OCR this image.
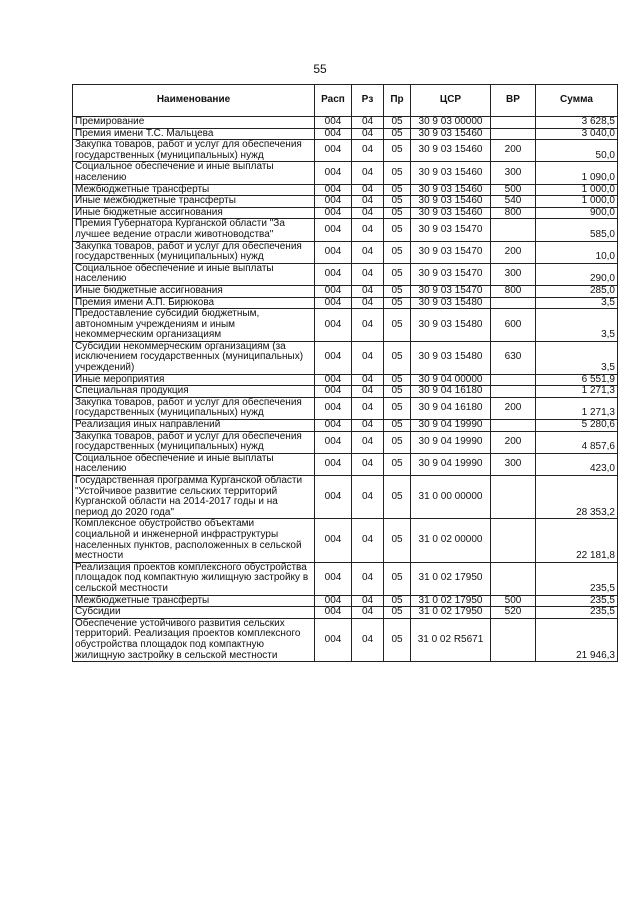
55
Наименование	Расп	Рз	Пр	ЦСР	ВР	Сумма
Премирование	004	04	05	30 9 03 00000		3 628,5
Премия имени Т.С. Мальцева	004	04	05	30 9 03 15460		3 040,0
Закупка товаров, работ и услуг для обеспечения государственных (муниципальных) нужд	004	04	05	30 9 03 15460	200	50,0
Социальное обеспечение и иные выплаты населению	004	04	05	30 9 03 15460	300	1 090,0
Межбюджетные трансферты	004	04	05	30 9 03 15460	500	1 000,0
Иные межбюджетные трансферты	004	04	05	30 9 03 15460	540	1 000,0
Иные бюджетные ассигнования	004	04	05	30 9 03 15460	800	900,0
Премия Губернатора Курганской области "За лучшее ведение отрасли животноводства"	004	04	05	30 9 03 15470		585,0
Закупка товаров, работ и услуг для обеспечения государственных (муниципальных) нужд	004	04	05	30 9 03 15470	200	10,0
Социальное обеспечение и иные выплаты населению	004	04	05	30 9 03 15470	300	290,0
Иные бюджетные ассигнования	004	04	05	30 9 03 15470	800	285,0
Премия имени А.П. Бирюкова	004	04	05	30 9 03 15480		3,5
Предоставление субсидий бюджетным, автономным учреждениям и иным некоммерческим организациям	004	04	05	30 9 03 15480	600	3,5
Субсидии некоммерческим организациям (за исключением государственных (муниципальных) учреждений)	004	04	05	30 9 03 15480	630	3,5
Иные мероприятия	004	04	05	30 9 04 00000		6 551,9
Специальная продукция	004	04	05	30 9 04 16180		1 271,3
Закупка товаров, работ и услуг для обеспечения государственных (муниципальных) нужд	004	04	05	30 9 04 16180	200	1 271,3
Реализация иных направлений	004	04	05	30 9 04 19990		5 280,6
Закупка товаров, работ и услуг для обеспечения государственных (муниципальных) нужд	004	04	05	30 9 04 19990	200	4 857,6
Социальное обеспечение и иные выплаты населению	004	04	05	30 9 04 19990	300	423,0
Государственная программа Курганской области "Устойчивое развитие сельских территорий Курганской области на 2014-2017 годы и на период до 2020 года"	004	04	05	31 0 00 00000		28 353,2
Комплексное обустройство объектами социальной и инженерной инфраструктуры населенных пунктов, расположенных в сельской местности	004	04	05	31 0 02 00000		22 181,8
Реализация проектов комплексного обустройства площадок под компактную жилищную застройку в сельской местности	004	04	05	31 0 02 17950		235,5
Межбюджетные трансферты	004	04	05	31 0 02 17950	500	235,5
Субсидии	004	04	05	31 0 02 17950	520	235,5
Обеспечение устойчивого развития сельских территорий. Реализация проектов комплексного обустройства площадок под компактную жилищную застройку в сельской местности	004	04	05	31 0 02 R5671		21 946,3
